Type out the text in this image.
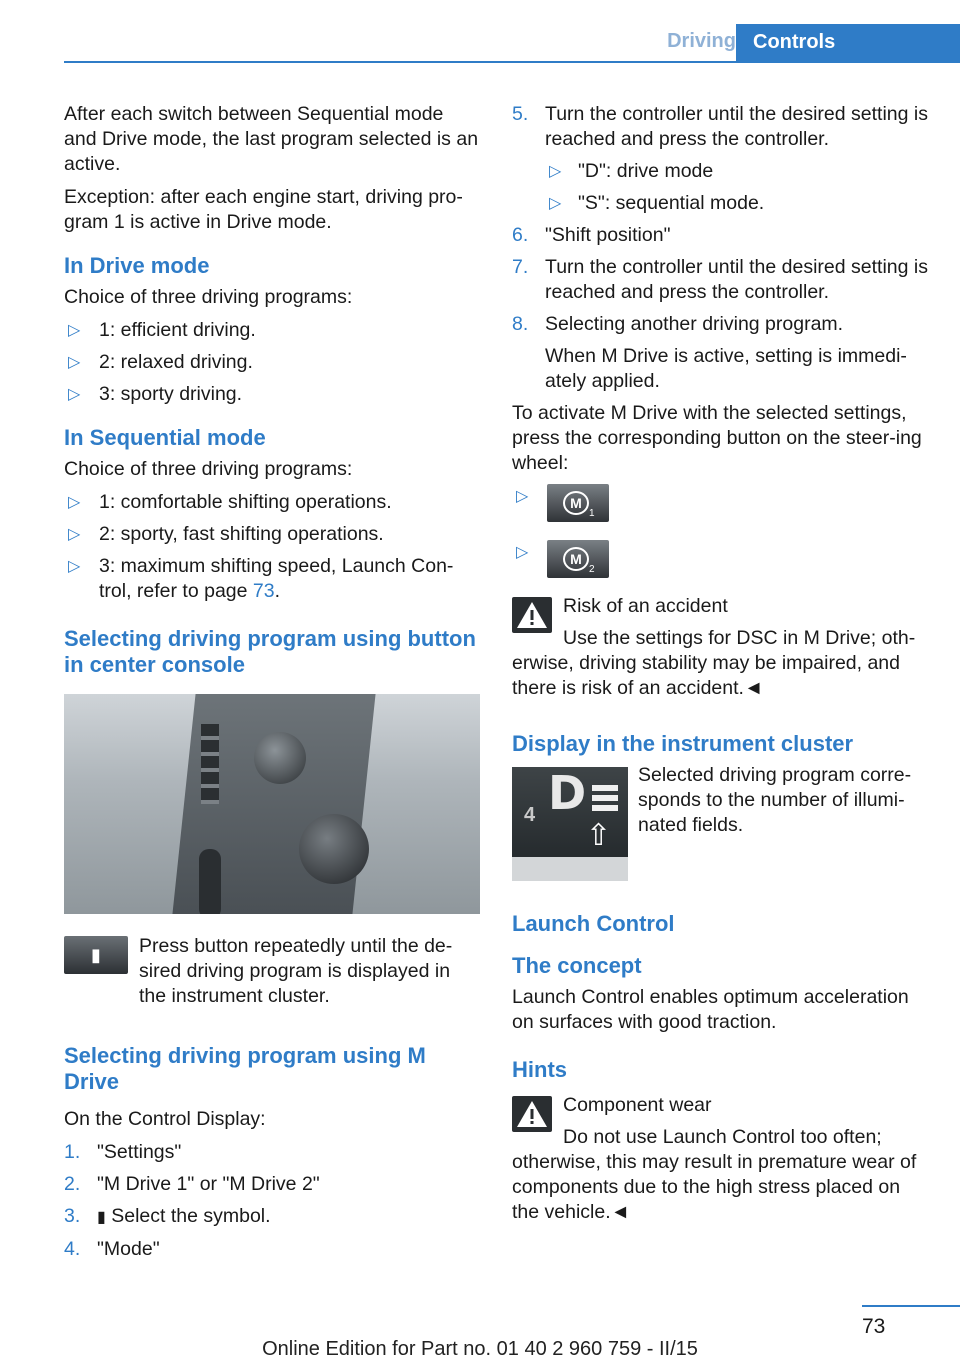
Driving Controls

After each switch between Sequential mode and Drive mode, the last program selected is an active.

Exception: after each engine start, driving pro-gram 1 is active in Drive mode.

In Drive mode

Choice of three driving programs:

▷ 1: efficient driving.
▷ 2: relaxed driving.
▷ 3: sporty driving.
In Sequential mode

Choice of three driving programs:

▷ 1: comfortable shifting operations.
▷ 2: sporty, fast shifting operations.
▷ 3: maximum shifting speed, Launch Con-trol, refer to page 73.
Selecting driving program using button in center console
▮ Press button repeatedly until the de-sired driving program is displayed in the instrument cluster.
Selecting driving program using M Drive

On the Control Display:

1. "Settings"
2. "M Drive 1" or "M Drive 2"
3. ▮ Select the symbol.
4. "Mode"
5. Turn the controller until the desired setting is reached and press the controller.
▷ "D": drive mode
▷ "S": sequential mode.
6. "Shift position"
7. Turn the controller until the desired setting is reached and press the controller.
8. Selecting another driving program.
When M Drive is active, setting is immedi-ately applied.

To activate M Drive with the selected settings, press the corresponding button on the steer-ing wheel:

▷	M
1
▷	M
2
Risk of an accident
Use the settings for DSC in M Drive; oth-
erwise, driving stability may be impaired, and there is risk of an accident.◄
Display in the instrument cluster
4 D
⇧
Selected driving program corre-sponds to the number of illumi-nated fields.
Launch Control
The concept

Launch Control enables optimum acceleration on surfaces with good traction.

Hints
Component wear
Do not use Launch Control too often;
otherwise, this may result in premature wear of components due to the high stress placed on the vehicle.◄
73
Online Edition for Part no. 01 40 2 960 759 - II/15
